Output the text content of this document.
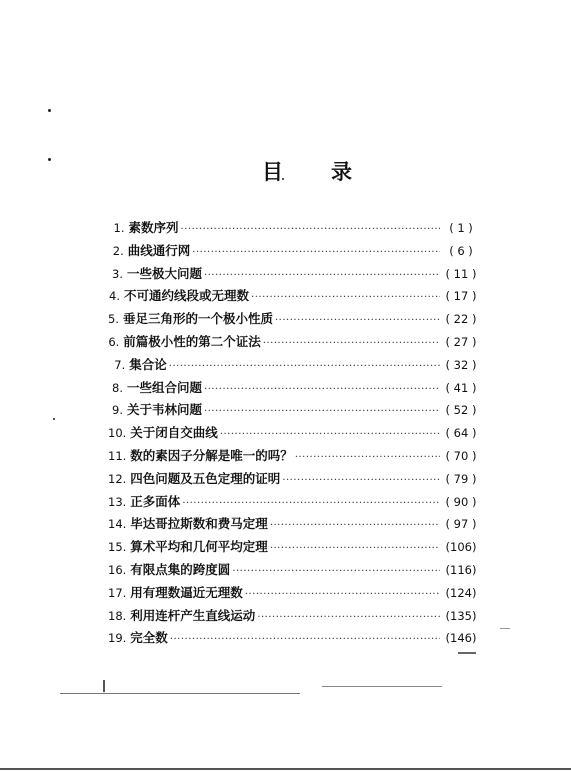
目 录
1. 素数序列 ·····	( 1 )
2. 曲线通行网 ·····	( 6 )
3. 一些极大问题 ·····	( 11 )
4. 不可通约线段或无理数 ·····	( 17 )
5. 垂足三角形的一个极小性质 ·····	( 22 )
6. 前篇极小性的第二个证法 ·····	( 27 )
7. 集合论 ·····	( 32 )
8. 一些组合问题 ·····	( 41 )
9. 关于韦林问题 ·····	( 52 )
10. 关于闭自交曲线 ·····	( 64 )
11. 数的素因子分解是唯一的吗？ ·····	( 70 )
12. 四色问题及五色定理的证明 ·····	( 79 )
13. 正多面体 ·····	( 90 )
14. 毕达哥拉斯数和费马定理 ·····	( 97 )
15. 算术平均和几何平均定理 ·····	(106)
16. 有限点集的跨度圆 ·····	(116)
17. 用有理数逼近无理数 ·····	(124)
18. 利用连杆产生直线运动 ·····	(135)
19. 完全数 ·····	(146)
